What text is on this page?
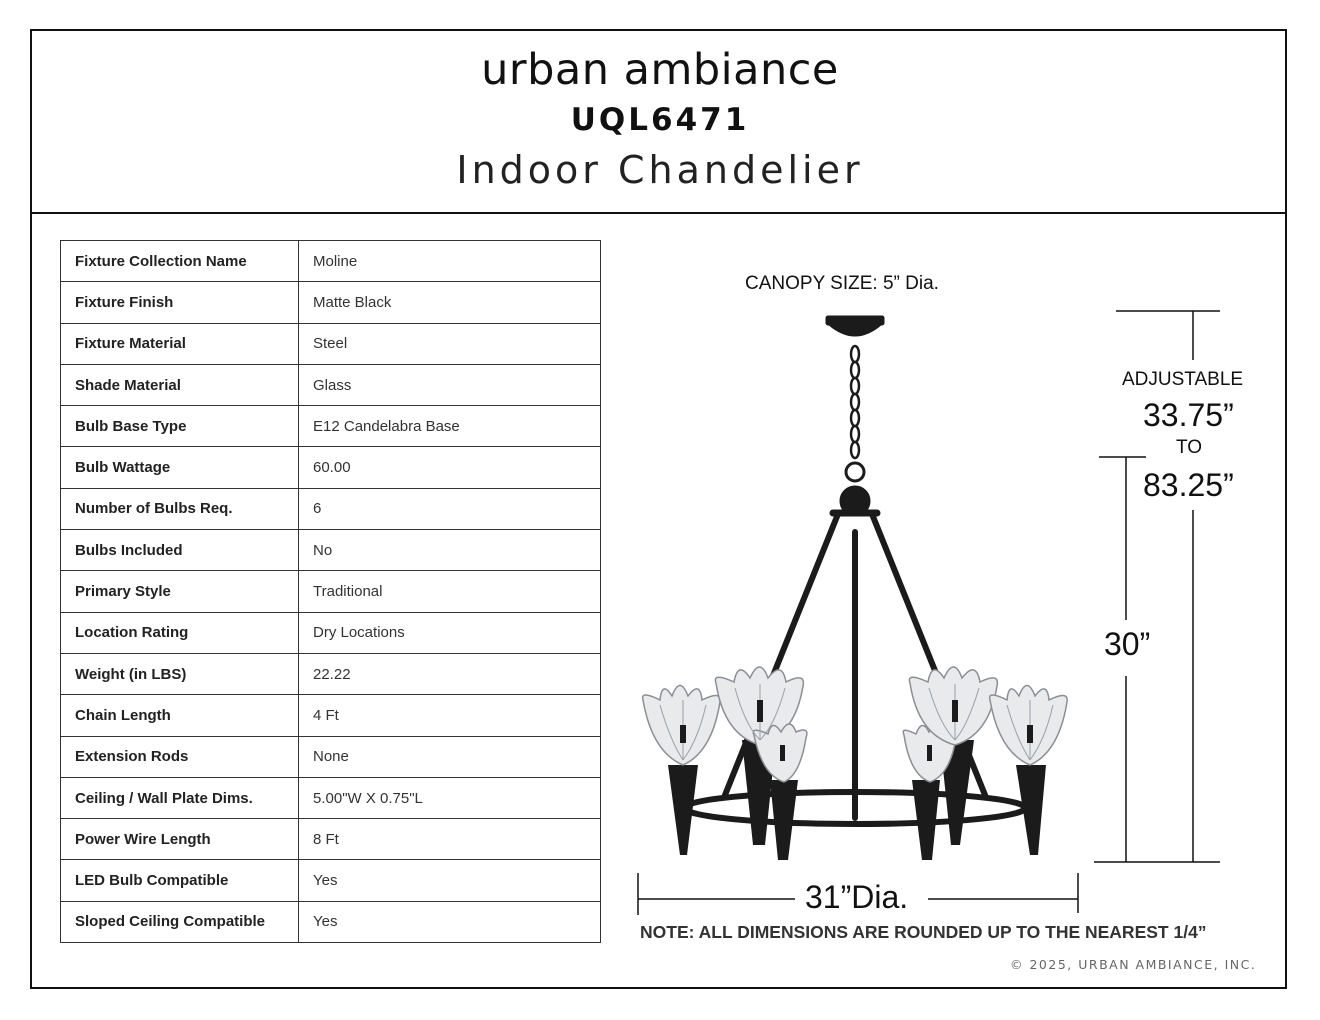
urban ambiance
UQL6471
Indoor Chandelier
Fixture Collection Name	Moline
Fixture Finish	Matte Black
Fixture Material	Steel
Shade Material	Glass
Bulb Base Type	E12 Candelabra Base
Bulb Wattage	60.00
Number of Bulbs Req.	6
Bulbs Included	No
Primary Style	Traditional
Location Rating	Dry Locations
Weight (in LBS)	22.22
Chain Length	4 Ft
Extension Rods	None
Ceiling / Wall Plate Dims.	5.00"W X 0.75"L
Power Wire Length	8 Ft
LED Bulb Compatible	Yes
Sloped Ceiling Compatible	Yes
CANOPY SIZE: 5” Dia.
ADJUSTABLE
33.75”
TO
83.25”
30”
31”Dia.
NOTE: ALL DIMENSIONS ARE ROUNDED UP TO THE NEAREST 1/4”
© 2025, URBAN AMBIANCE, INC.
